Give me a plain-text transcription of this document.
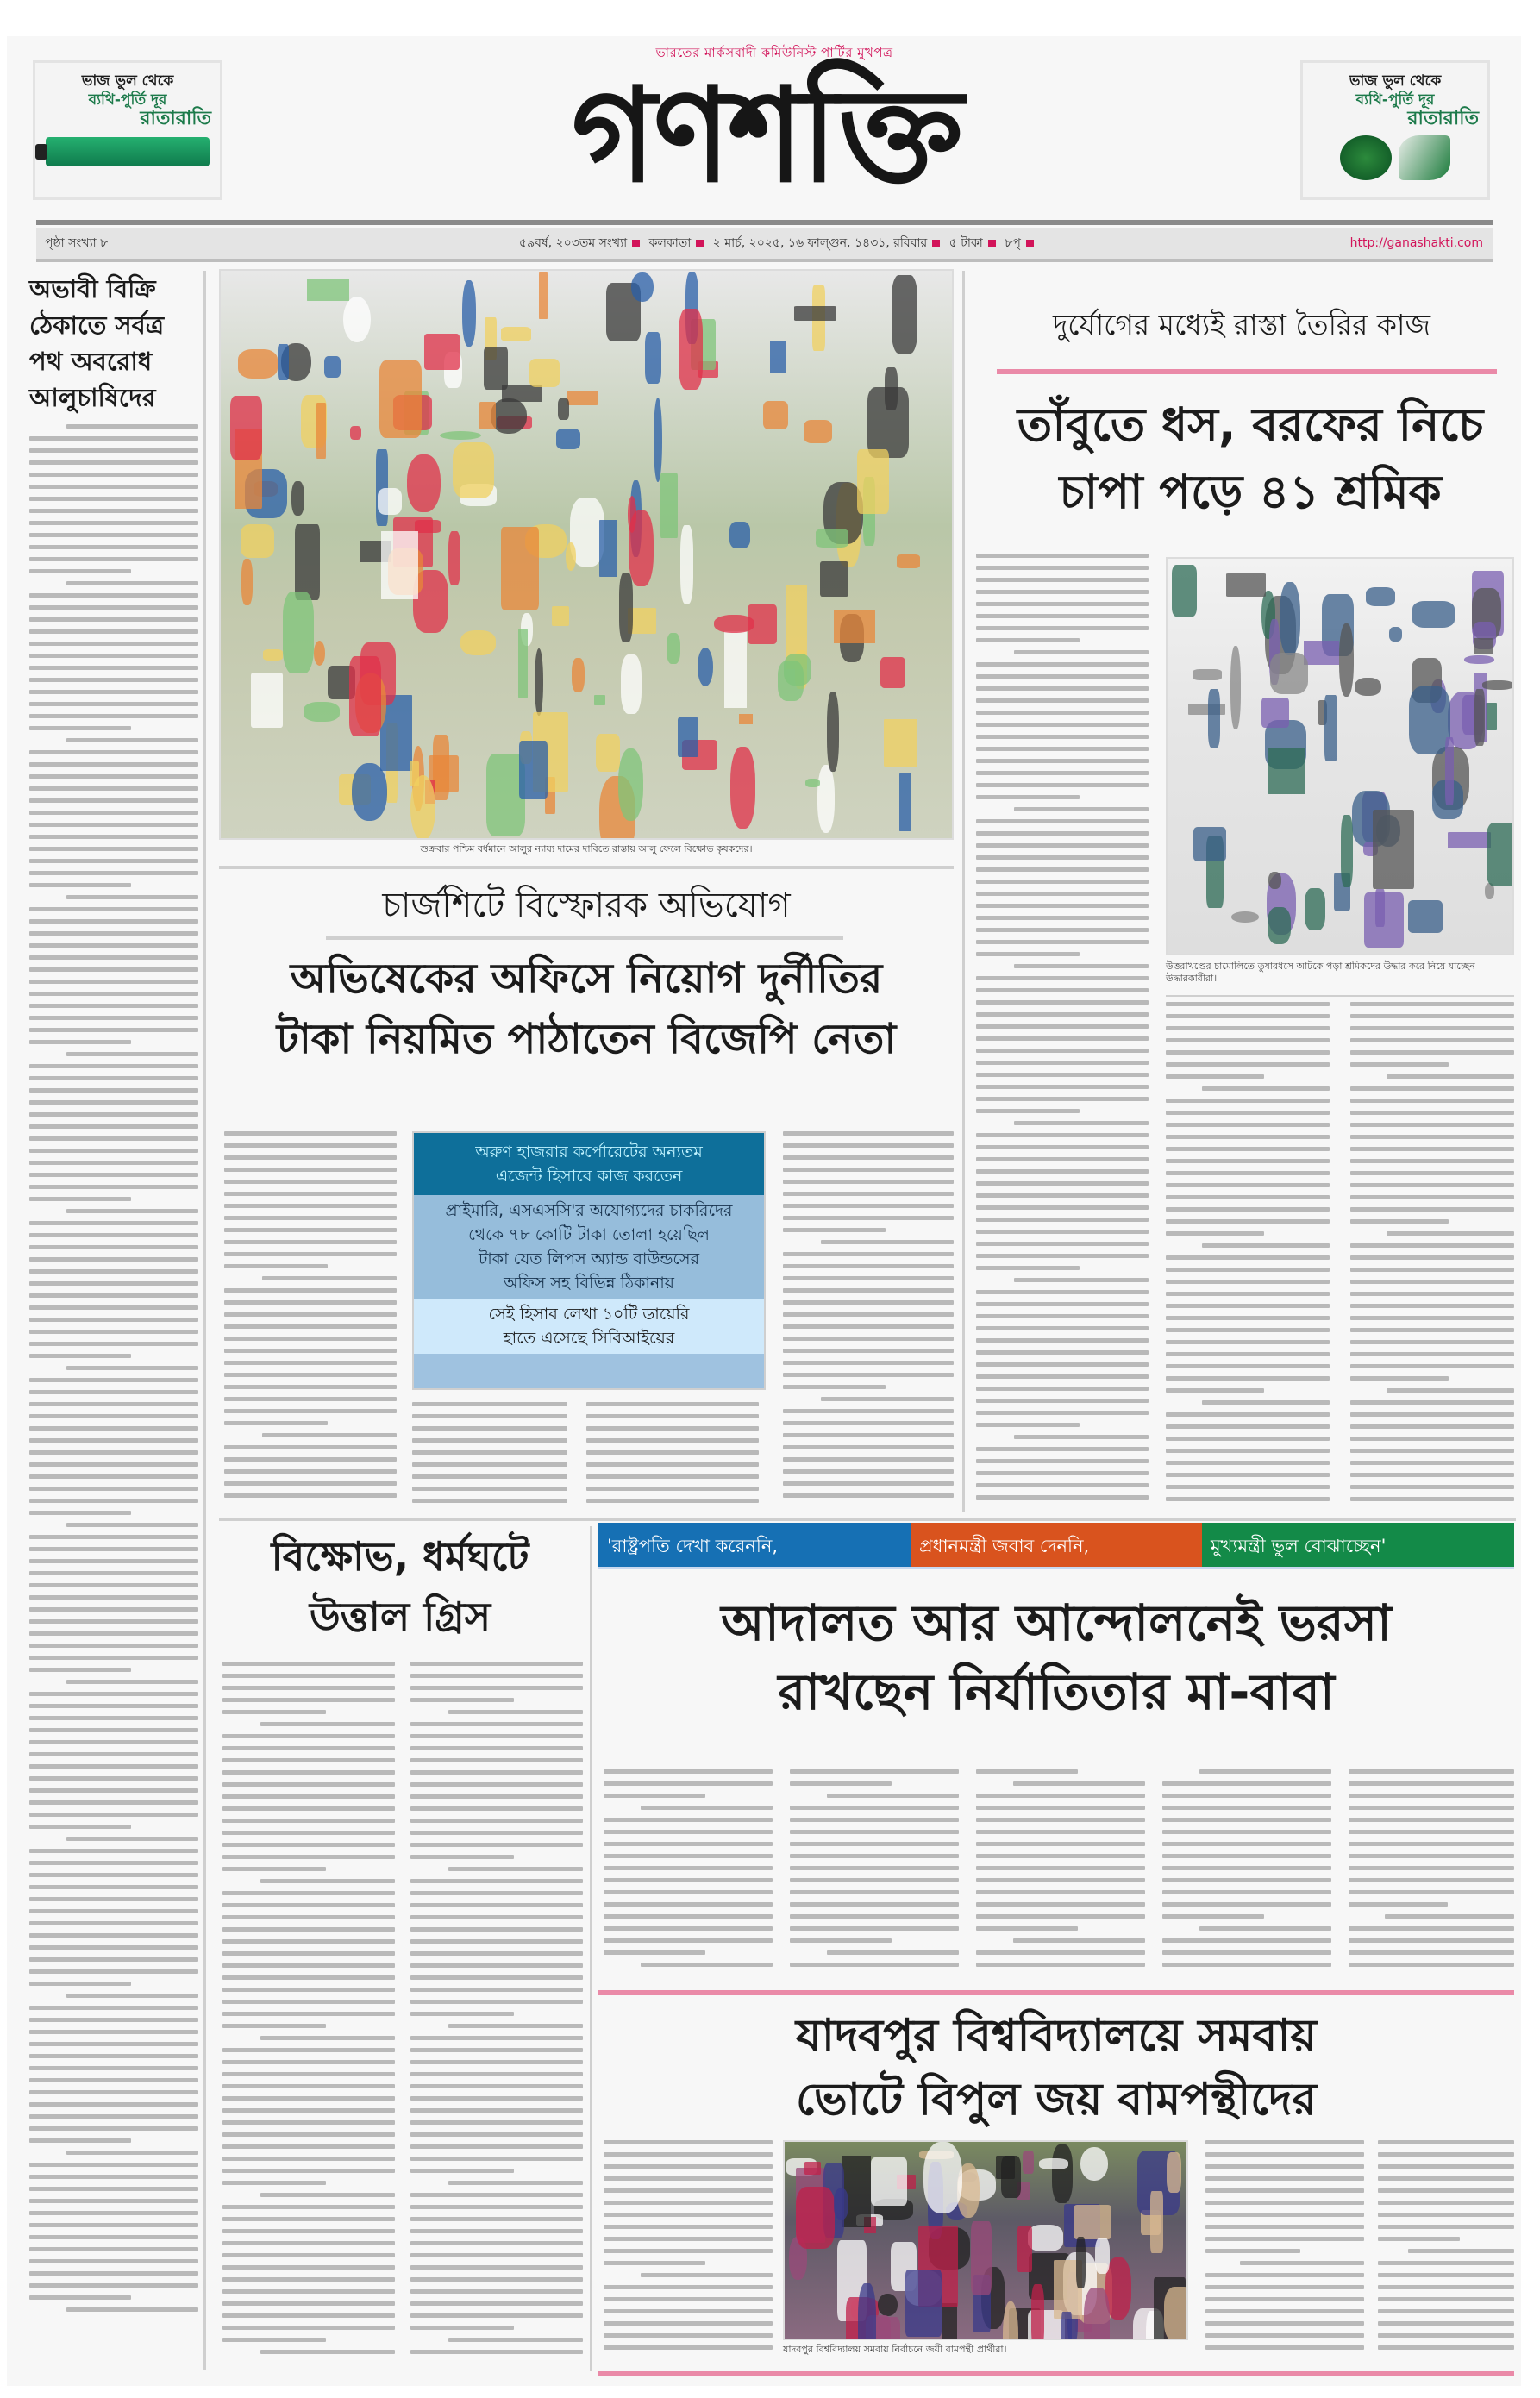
ভারতের মার্কসবাদী কমিউনিস্ট পার্টির মুখপত্র
গণশক্তি
ভাজ ভুল থেকে
ব্যথি-পুর্তি দূর
রাতারাতি
ভাজ ভুল থেকে
ব্যথি-পুর্তি দূর
রাতারাতি
পৃষ্ঠা সংখ্যা ৮	৫৯বর্ষ, ২০৩তম সংখ্যা কলকাতা ২ মার্চ, ২০২৫, ১৬ ফাল্গুন, ১৪৩১, রবিবার ৫ টাকা ৮পৃ	http://ganashakti.com
অভাবী বিক্রি ঠেকাতে সর্বত্র পথ অবরোধ আলুচাষিদের
শুক্রবার পশ্চিম বর্ধমানে আলুর ন্যায্য দামের দাবিতে রাস্তায় আলু ফেলে বিক্ষোভ কৃষকদের।
চার্জশিটে বিস্ফোরক অভিযোগ
অভিষেকের অফিসে নিয়োগ দুর্নীতির
টাকা নিয়মিত পাঠাতেন বিজেপি নেতা
অরুণ হাজরার কর্পোরেটের অন্যতম
এজেন্ট হিসাবে কাজ করতেন
প্রাইমারি, এসএসসি'র অযোগ্যদের চাকরিদের
থেকে ৭৮ কোটি টাকা তোলা হয়েছিল
টাকা যেত লিপস অ্যান্ড বাউন্ডসের
অফিস সহ বিভিন্ন ঠিকানায়
সেই হিসাব লেখা ১০টি ডায়েরি
হাতে এসেছে সিবিআইয়ের
দুর্যোগের মধ্যেই রাস্তা তৈরির কাজ
তাঁবুতে ধস, বরফের নিচে
চাপা পড়ে ৪১ শ্রমিক
উত্তরাখণ্ডের চামোলিতে তুষারধসে আটকে পড়া শ্রমিকদের উদ্ধার করে নিয়ে যাচ্ছেন উদ্ধারকারীরা।
বিক্ষোভ, ধর্মঘটে
উত্তাল গ্রিস
'রাষ্ট্রপতি দেখা করেননি,	প্রধানমন্ত্রী জবাব দেননি,	মুখ্যমন্ত্রী ভুল বোঝাচ্ছেন'
আদালত আর আন্দোলনেই ভরসা
রাখছেন নির্যাতিতার মা-বাবা
যাদবপুর বিশ্ববিদ্যালয়ে সমবায়
ভোটে বিপুল জয় বামপন্থীদের
যাদবপুর বিশ্ববিদ্যালয় সমবায় নির্বাচনে জয়ী বামপন্থী প্রার্থীরা।
